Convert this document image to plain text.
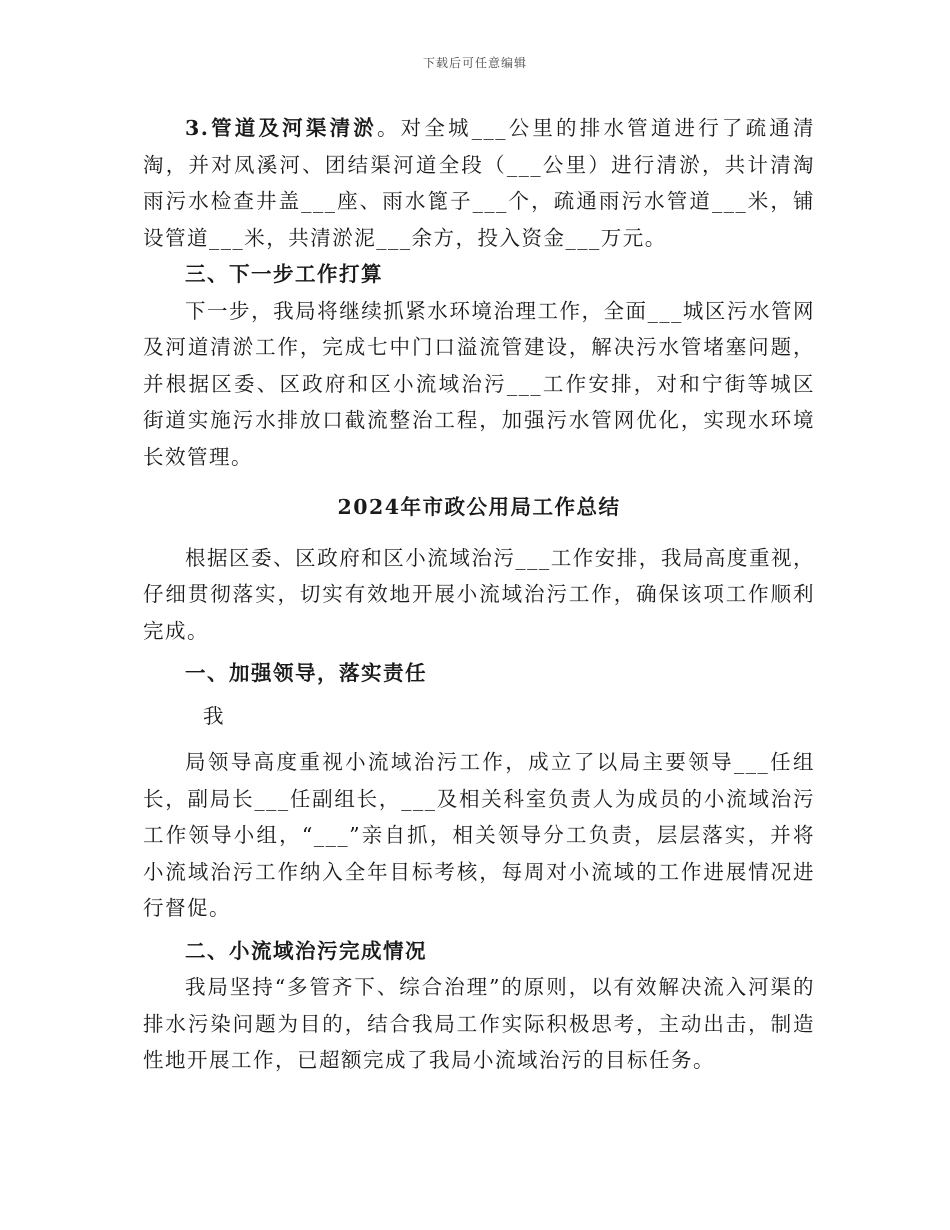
下载后可任意编辑

3.管道及河渠清淤。对全城___公里的排水管道进行了疏通清淘，并对凤溪河、团结渠河道全段（___公里）进行清淤，共计清淘雨污水检查井盖___座、雨水篦子___个，疏通雨污水管道___米，铺设管道___米，共清淤泥___余方，投入资金___万元。

三、下一步工作打算

下一步，我局将继续抓紧水环境治理工作，全面___城区污水管网及河道清淤工作，完成七中门口溢流管建设，解决污水管堵塞问题，并根据区委、区政府和区小流域治污___工作安排，对和宁街等城区街道实施污水排放口截流整治工程，加强污水管网优化，实现水环境长效管理。

2024年市政公用局工作总结

根据区委、区政府和区小流域治污___工作安排，我局高度重视，仔细贯彻落实，切实有效地开展小流域治污工作，确保该项工作顺利完成。

一、加强领导，落实责任

我

局领导高度重视小流域治污工作，成立了以局主要领导___任组长，副局长___任副组长，___及相关科室负责人为成员的小流域治污工作领导小组，“___”亲自抓，相关领导分工负责，层层落实，并将小流域治污工作纳入全年目标考核，每周对小流域的工作进展情况进行督促。

二、小流域治污完成情况

我局坚持“多管齐下、综合治理”的原则，以有效解决流入河渠的排水污染问题为目的，结合我局工作实际积极思考，主动出击，制造性地开展工作，已超额完成了我局小流域治污的目标任务。
